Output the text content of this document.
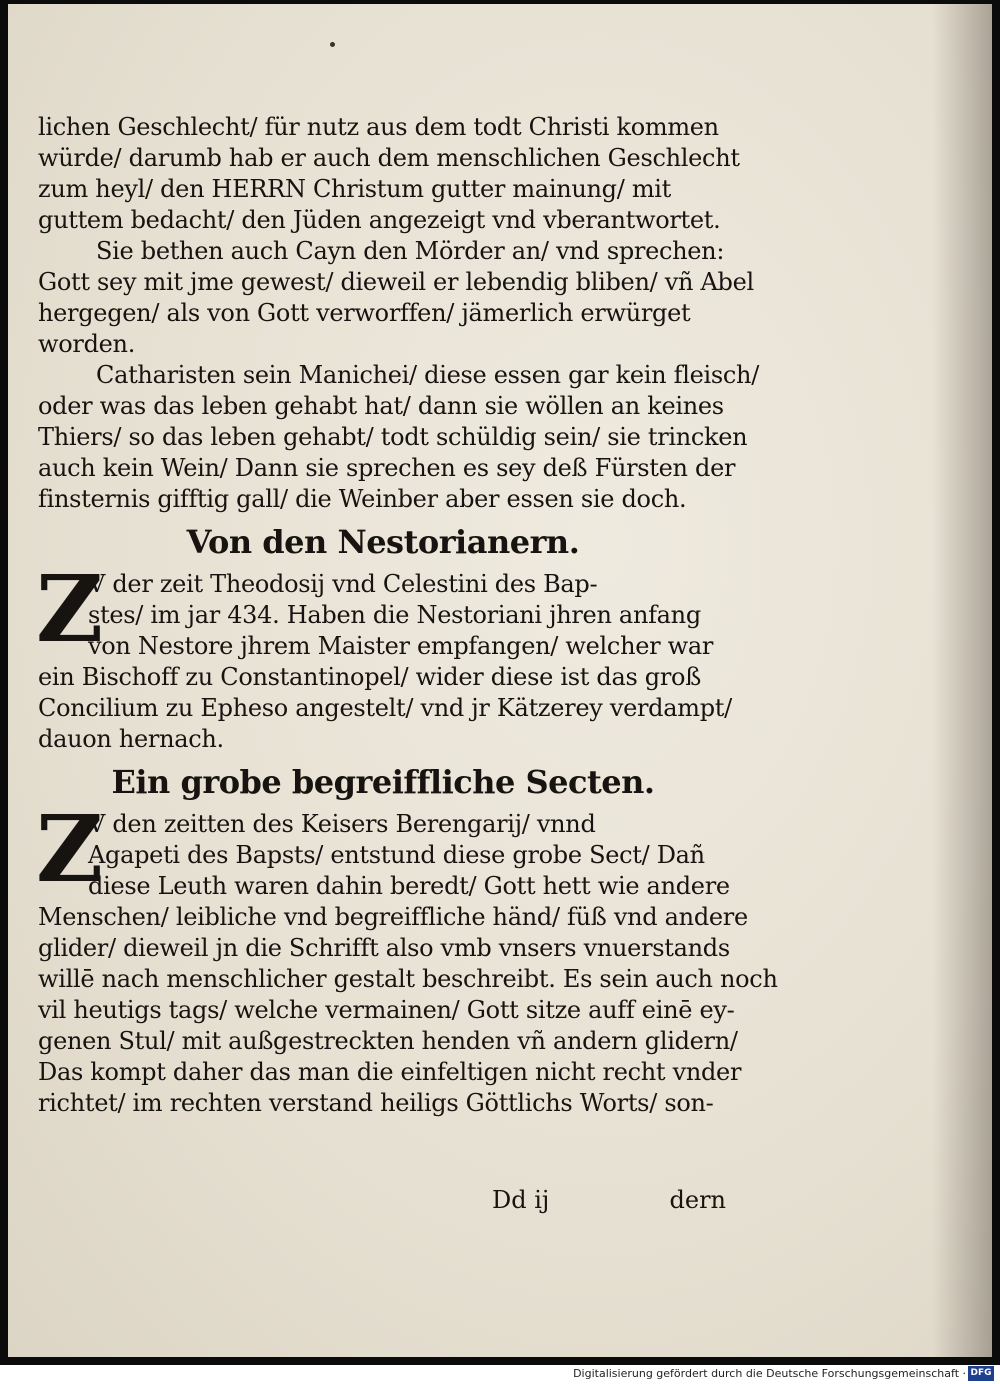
lichen Geschlecht/ für nutz aus dem todt Christi kommen
würde/ darumb hab er auch dem menschlichen Geschlecht
zum heyl/ den HERRN Christum gutter mainung/ mit
guttem bedacht/ den Jüden angezeigt vnd vberantwortet.
Sie bethen auch Cayn den Mörder an/ vnd sprechen:
Gott sey mit jme gewest/ dieweil er lebendig bliben/ vñ Abel
hergegen/ als von Gott verworffen/ jämerlich erwürget
worden.
Catharisten sein Manichei/ diese essen gar kein fleisch/
oder was das leben gehabt hat/ dann sie wöllen an keines
Thiers/ so das leben gehabt/ todt schüldig sein/ sie trincken
auch kein Wein/ Dann sie sprechen es sey deß Fürsten der
finsternis gifftig gall/ die Weinber aber essen sie doch.
Von den Nestorianern.
Z
V der zeit Theodosij vnd Celestini des Bap-
stes/ im jar 434. Haben die Nestoriani jhren anfang
von Nestore jhrem Maister empfangen/ welcher war
ein Bischoff zu Constantinopel/ wider diese ist das groß
Concilium zu Epheso angestelt/ vnd jr Kätzerey verdampt/
dauon hernach.
Ein grobe begreiffliche Secten.
Z
V den zeitten des Keisers Berengarij/ vnnd
Agapeti des Bapsts/ entstund diese grobe Sect/ Dañ
diese Leuth waren dahin beredt/ Gott hett wie andere
Menschen/ leibliche vnd begreiffliche händ/ füß vnd andere
glider/ dieweil jn die Schrifft also vmb vnsers vnuerstands
willē nach menschlicher gestalt beschreibt. Es sein auch noch
vil heutigs tags/ welche vermainen/ Gott sitze auff einē ey-
genen Stul/ mit außgestreckten henden vñ andern glidern/
Das kompt daher das man die einfeltigen nicht recht vnder
richtet/ im rechten verstand heiligs Göttlichs Worts/ son-
Dd ij	dern
Digitalisierung gefördert durch die Deutsche Forschungsgemeinschaft · DFG
